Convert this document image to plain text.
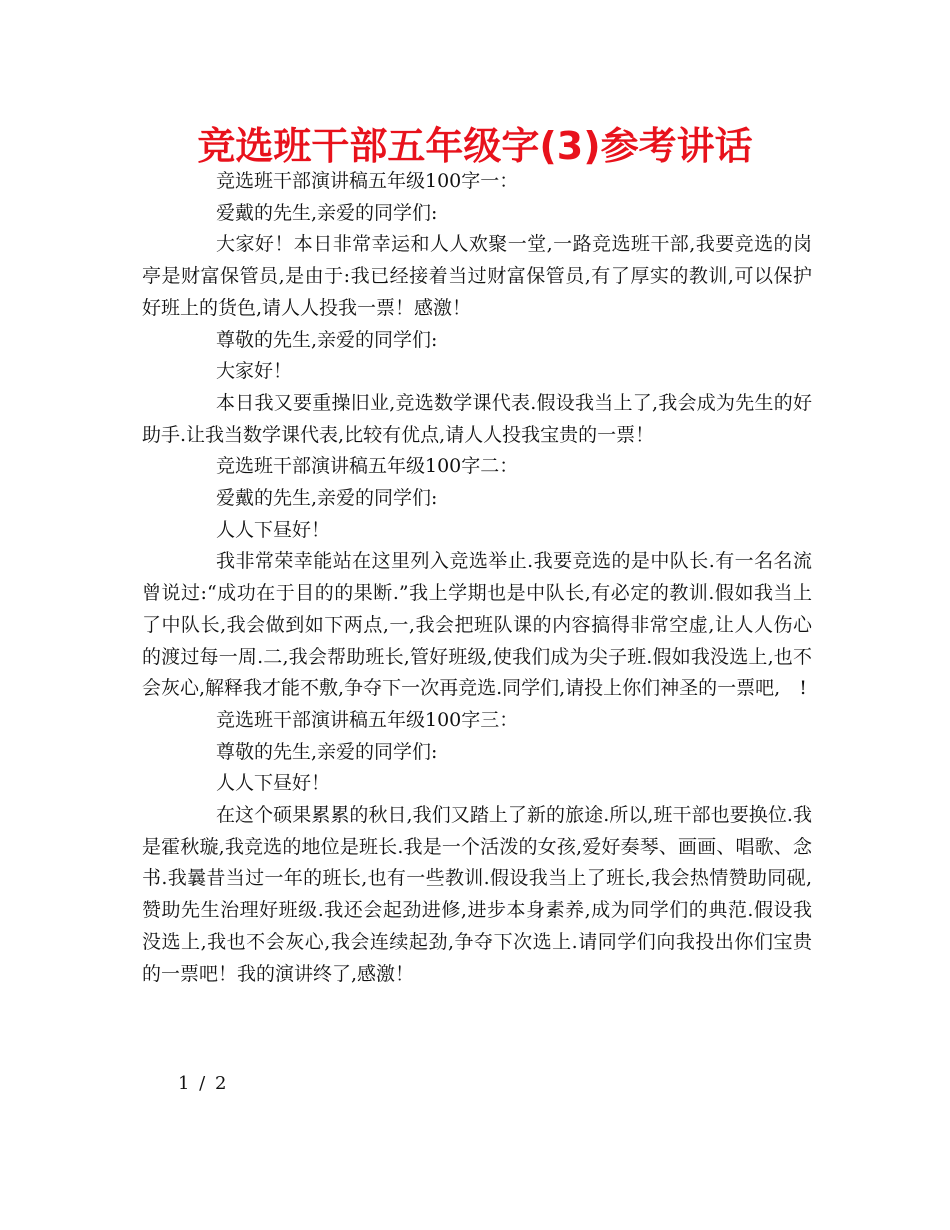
竞选班干部五年级字(3)参考讲话

竞选班干部演讲稿五年级100字一：

爱戴的先生,亲爱的同学们:

大家好！本日非常幸运和人人欢聚一堂,一路竞选班干部,我要竞选的岗亭是财富保管员,是由于:我已经接着当过财富保管员,有了厚实的教训,可以保护好班上的货色,请人人投我一票！感激！

尊敬的先生,亲爱的同学们:

大家好！

本日我又要重操旧业,竞选数学课代表.假设我当上了,我会成为先生的好助手.让我当数学课代表,比较有优点,请人人投我宝贵的一票！

竞选班干部演讲稿五年级100字二：

爱戴的先生,亲爱的同学们:

人人下昼好！

我非常荣幸能站在这里列入竞选举止.我要竞选的是中队长.有一名名流曾说过:“成功在于目的的果断.”我上学期也是中队长,有必定的教训.假如我当上了中队长,我会做到如下两点,一,我会把班队课的内容搞得非常空虚,让人人伤心的渡过每一周.二,我会帮助班长,管好班级,使我们成为尖子班.假如我没选上,也不会灰心,解释我才能不敷,争夺下一次再竞选.同学们,请投上你们神圣的一票吧,　!

竞选班干部演讲稿五年级100字三：

尊敬的先生,亲爱的同学们:

人人下昼好！

在这个硕果累累的秋日,我们又踏上了新的旅途.所以,班干部也要换位.我是霍秋璇,我竞选的地位是班长.我是一个活泼的女孩,爱好奏琴、画画、唱歌、念书.我曩昔当过一年的班长,也有一些教训.假设我当上了班长,我会热情赞助同砚,赞助先生治理好班级.我还会起劲进修,进步本身素养,成为同学们的典范.假设我没选上,我也不会灰心,我会连续起劲,争夺下次选上.请同学们向我投出你们宝贵的一票吧！我的演讲终了,感激！

1 / 2
